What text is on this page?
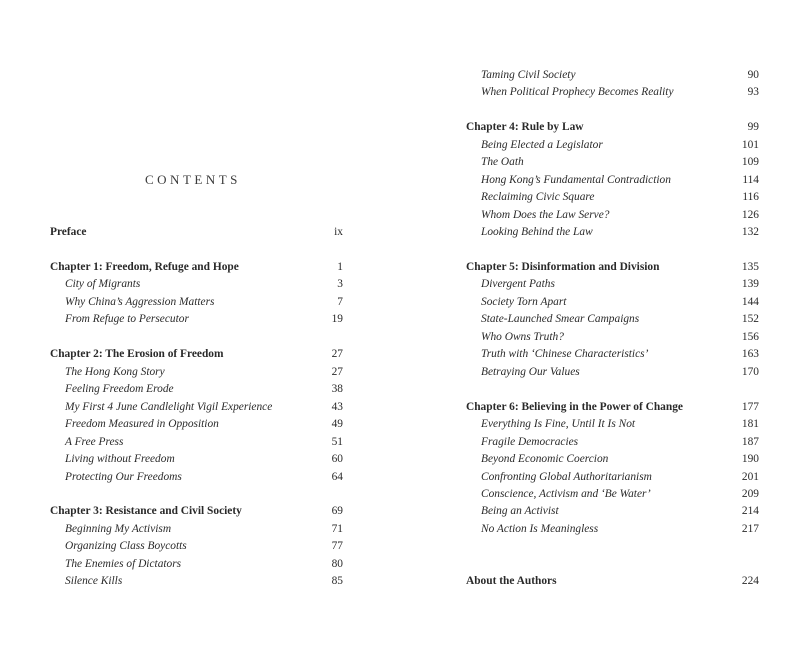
CONTENTS
Preface	ix
Chapter 1: Freedom, Refuge and Hope	1
City of Migrants	3
Why China’s Aggression Matters	7
From Refuge to Persecutor	19
Chapter 2: The Erosion of Freedom	27
The Hong Kong Story	27
Feeling Freedom Erode	38
My First 4 June Candlelight Vigil Experience	43
Freedom Measured in Opposition	49
A Free Press	51
Living without Freedom	60
Protecting Our Freedoms	64
Chapter 3: Resistance and Civil Society	69
Beginning My Activism	71
Organizing Class Boycotts	77
The Enemies of Dictators	80
Silence Kills	85
Taming Civil Society	90
When Political Prophecy Becomes Reality	93
Chapter 4: Rule by Law	99
Being Elected a Legislator	101
The Oath	109
Hong Kong’s Fundamental Contradiction	114
Reclaiming Civic Square	116
Whom Does the Law Serve?	126
Looking Behind the Law	132
Chapter 5: Disinformation and Division	135
Divergent Paths	139
Society Torn Apart	144
State-Launched Smear Campaigns	152
Who Owns Truth?	156
Truth with ‘Chinese Characteristics’	163
Betraying Our Values	170
Chapter 6: Believing in the Power of Change	177
Everything Is Fine, Until It Is Not	181
Fragile Democracies	187
Beyond Economic Coercion	190
Confronting Global Authoritarianism	201
Conscience, Activism and ‘Be Water’	209
Being an Activist	214
No Action Is Meaningless	217
About the Authors	224
